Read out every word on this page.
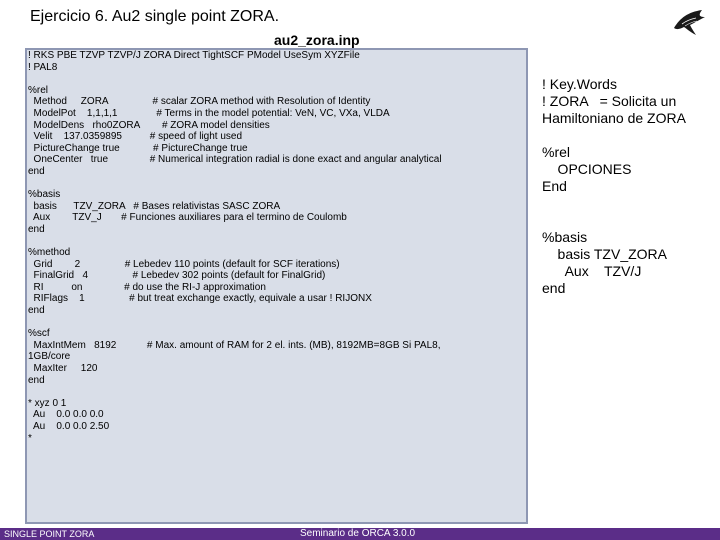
Ejercicio 6. Au2 single point ZORA.
! RKS PBE TZVP TZVP/J ZORA Direct TightSCF PModel UseSym XYZFile
! PAL8

%rel
Method     ZORA                # scalar ZORA method with Resolution of Identity
ModelPot    1,1,1,1              # Terms in the model potential: VeN, VC, VXa, VLDA
ModelDens   rho0ZORA        # ZORA model densities
Velit    137.0359895          # speed of light used
PictureChange true            # PictureChange true
OneCenter   true               # Numerical integration radial is done exact and angular analytical
end

%basis
basis      TZV_ZORA   # Bases relativistas SASC ZORA
Aux        TZV_J       # Funciones auxiliares para el termino de Coulomb
end

%method
Grid        2                # Lebedev 110 points (default for SCF iterations)
FinalGrid   4                # Lebedev 302 points (default for FinalGrid)
RI          on               # do use the RI-J approximation
RIFlags    1                # but treat exchange exactly, equivale a usar ! RIJONX
end

%scf
MaxIntMem   8192           # Max. amount of RAM for 2 el. ints. (MB), 8192MB=8GB Si PAL8,
1GB/core
MaxIter     120
end

* xyz 0 1
Au    0.0 0.0 0.0
Au    0.0 0.0 2.50
*

au2_zora.inp
! Key.Words
! ZORA   = Solicita un
Hamiltoniano de ZORA
%rel
OPCIONES
End
%basis
basis TZV_ZORA
Aux    TZV/J
end
SINGLE POINT ZORA	Seminario de ORCA 3.0.0
